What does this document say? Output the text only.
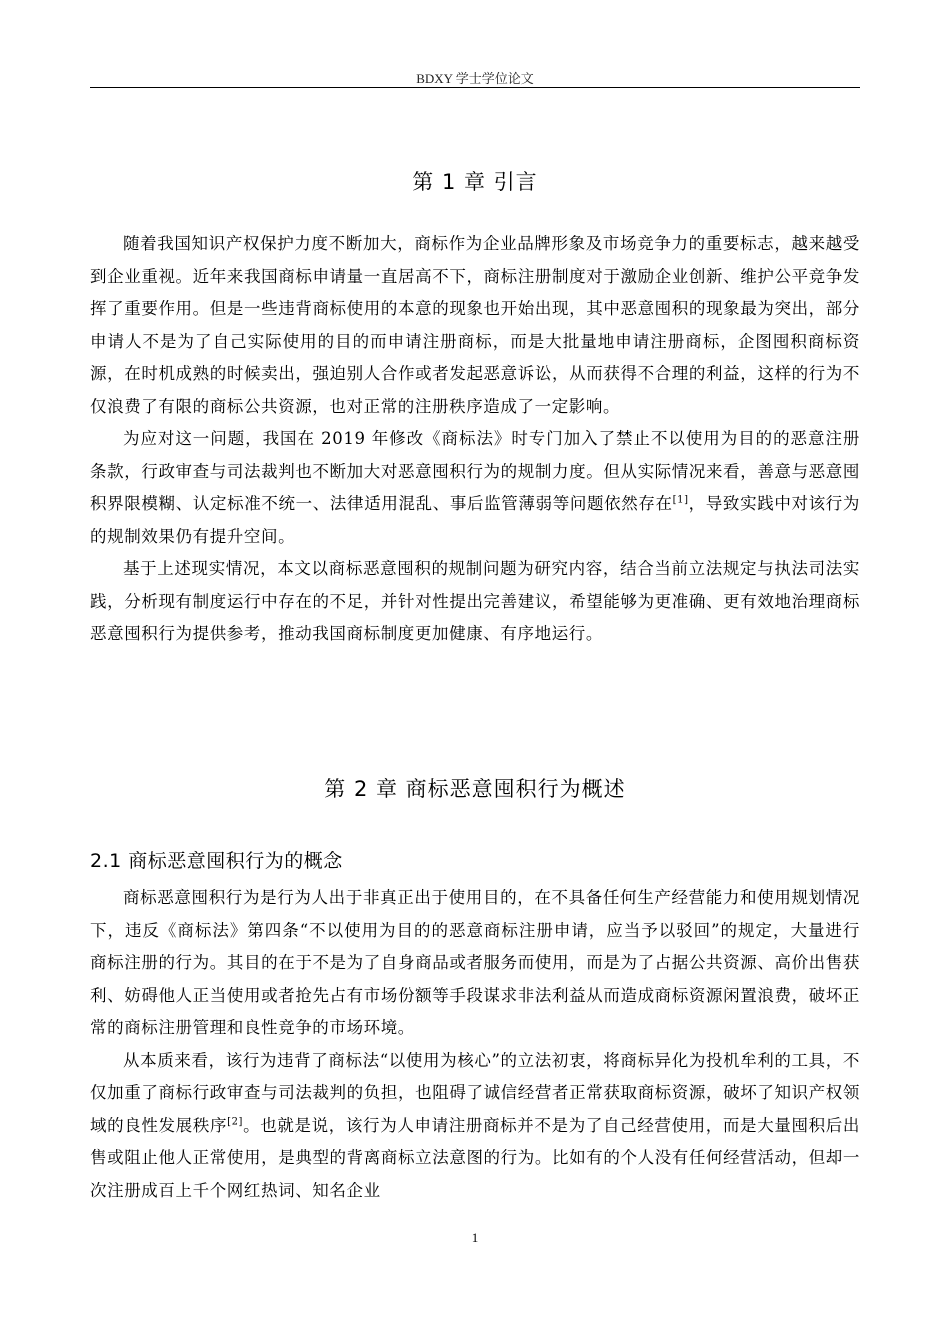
BDXY 学士学位论文
第 1 章 引言

随着我国知识产权保护力度不断加大，商标作为企业品牌形象及市场竞争力的重要标志，越来越受到企业重视。近年来我国商标申请量一直居高不下，商标注册制度对于激励企业创新、维护公平竞争发挥了重要作用。但是一些违背商标使用的本意的现象也开始出现，其中恶意囤积的现象最为突出，部分申请人不是为了自己实际使用的目的而申请注册商标，而是大批量地申请注册商标，企图囤积商标资源，在时机成熟的时候卖出，强迫别人合作或者发起恶意诉讼，从而获得不合理的利益，这样的行为不仅浪费了有限的商标公共资源，也对正常的注册秩序造成了一定影响。

为应对这一问题，我国在 2019 年修改《商标法》时专门加入了禁止不以使用为目的的恶意注册条款，行政审查与司法裁判也不断加大对恶意囤积行为的规制力度。但从实际情况来看，善意与恶意囤积界限模糊、认定标准不统一、法律适用混乱、事后监管薄弱等问题依然存在[1]，导致实践中对该行为的规制效果仍有提升空间。

基于上述现实情况，本文以商标恶意囤积的规制问题为研究内容，结合当前立法规定与执法司法实践，分析现有制度运行中存在的不足，并针对性提出完善建议，希望能够为更准确、更有效地治理商标恶意囤积行为提供参考，推动我国商标制度更加健康、有序地运行。

第 2 章 商标恶意囤积行为概述
2.1 商标恶意囤积行为的概念

商标恶意囤积行为是行为人出于非真正出于使用目的，在不具备任何生产经营能力和使用规划情况下，违反《商标法》第四条“不以使用为目的的恶意商标注册申请，应当予以驳回”的规定，大量进行商标注册的行为。其目的在于不是为了自身商品或者服务而使用，而是为了占据公共资源、高价出售获利、妨碍他人正当使用或者抢先占有市场份额等手段谋求非法利益从而造成商标资源闲置浪费，破坏正常的商标注册管理和良性竞争的市场环境。

从本质来看，该行为违背了商标法“以使用为核心”的立法初衷，将商标异化为投机牟利的工具，不仅加重了商标行政审查与司法裁判的负担，也阻碍了诚信经营者正常获取商标资源，破坏了知识产权领域的良性发展秩序[2]。也就是说，该行为人申请注册商标并不是为了自己经营使用，而是大量囤积后出售或阻止他人正常使用，是典型的背离商标立法意图的行为。比如有的个人没有任何经营活动，但却一次注册成百上千个网红热词、知名企业

1
